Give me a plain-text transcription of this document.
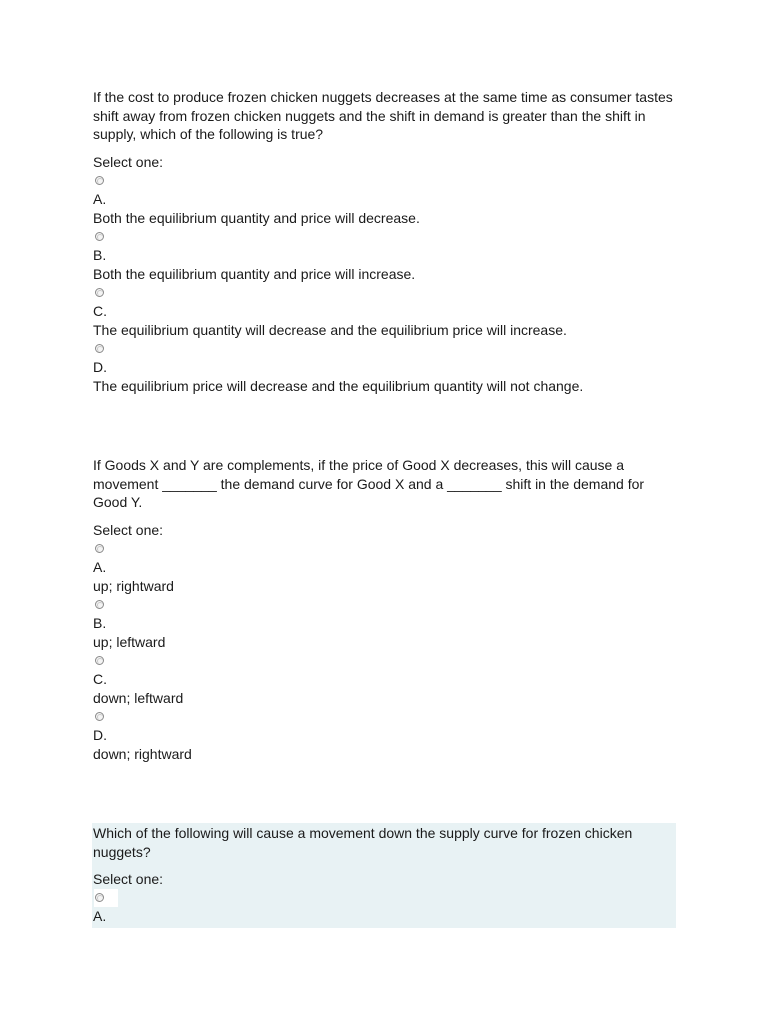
If the cost to produce frozen chicken nuggets decreases at the same time as consumer tastes shift away from frozen chicken nuggets and the shift in demand is greater than the shift in supply, which of the following is true?

Select one:
A.
Both the equilibrium quantity and price will decrease.
B.
Both the equilibrium quantity and price will increase.
C.
The equilibrium quantity will decrease and the equilibrium price will increase.
D.
The equilibrium price will decrease and the equilibrium quantity will not change.

If Goods X and Y are complements, if the price of Good X decreases, this will cause a movement _______ the demand curve for Good X and a _______ shift in the demand for Good Y.

Select one:
A.
up; rightward
B.
up; leftward
C.
down; leftward
D.
down; rightward

Which of the following will cause a movement down the supply curve for frozen chicken nuggets?

Select one:
A.
